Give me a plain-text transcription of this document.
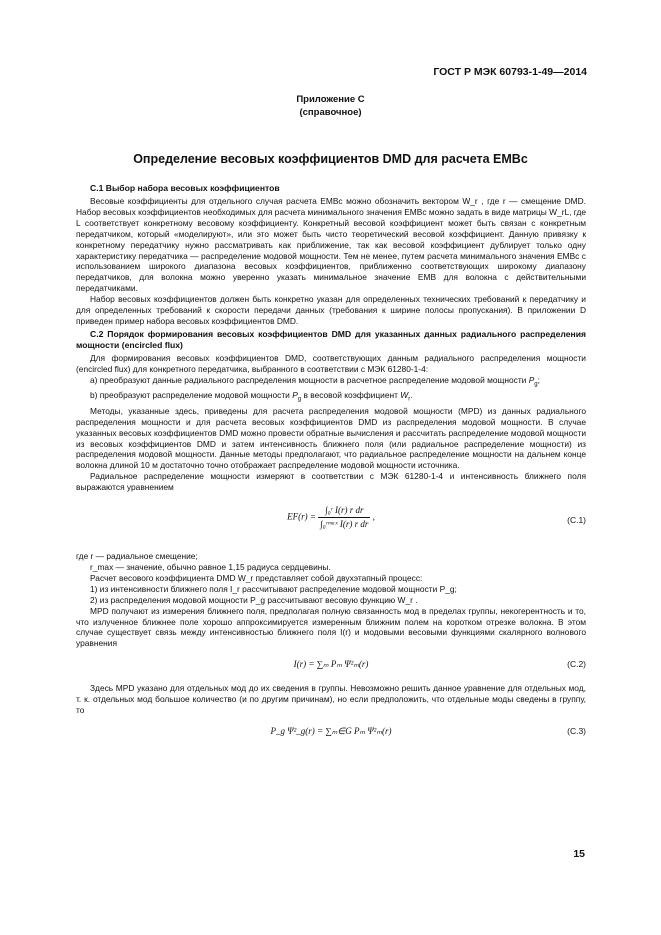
ГОСТ Р МЭК 60793-1-49—2014
Приложение С
(справочное)
Определение весовых коэффициентов DMD для расчета ЕМВс
С.1 Выбор набора весовых коэффициентов

Весовые коэффициенты для отдельного случая расчета ЕМВс можно обозначить вектором W_r , где r — смещение DMD. Набор весовых коэффициентов необходимых для расчета минимального значения ЕМВс можно задать в виде матрицы W_rL, где L соответствует конкретному весовому коэффициенту. Конкретный весовой коэффициент может быть связан с конкретным передатчиком, который «моделируют», или это может быть чисто теоретический весовой коэффициент. Данную привязку к конкретному передатчику нужно рассматривать как приближение, так как весовой коэффициент дублирует только одну характеристику передатчика — распределение модовой мощности. Тем не менее, путем расчета минимального значения ЕМВс с использованием широкого диапазона весовых коэффициентов, приближенно соответствующих широкому диапазону передатчиков, для волокна можно уверенно указать минимальное значение ЕМВ для волокна с действительными передатчиками.

Набор весовых коэффициентов должен быть конкретно указан для определенных технических требований к передатчику и для определенных требований к скорости передачи данных (требования к ширине полосы пропускания). В приложении D приведен пример набора весовых коэффициентов DMD.

С.2 Порядок формирования весовых коэффициентов DMD для указанных данных радиального распределения мощности (encircled flux)

Для формирования весовых коэффициентов DMD, соответствующих данным радиального распределения мощности (encircled flux) для конкретного передатчика, выбранного в соответствии с МЭК 61280-1-4:

a) преобразуют данные радиального распределения мощности в расчетное распределение модовой мощности $P_g$;

b) преобразуют распределение модовой мощности $P_g$ в весовой коэффициент $W_r$.

Методы, указанные здесь, приведены для расчета распределения модовой мощности (MPD) из данных радиального распределения мощности и для расчета весовых коэффициентов DMD из распределения модовой мощности. В случае указанных весовых коэффициентов DMD можно провести обратные вычисления и рассчитать распределение модовой мощности из весовых коэффициентов DMD и затем интенсивность ближнего поля (или радиальное распределение мощности) из распределения модовой мощности. Данные методы предполагают, что радиальное распределение мощности на дальнем конце волокна длиной 10 м достаточно точно отображает распределение модовой мощности источника.

Радиальное распределение мощности измеряют в соответствии с МЭК 61280-1-4 и интенсивность ближнего поля выражаются уравнением

$EF(r) = \frac{\text{∫₀ʳ I(r) r dr}}{\text{∫₀ʳᵐᵃˣ I(r) r dr}}$ ,	(С.1)

где r — радиальное смещение;

r_max — значение, обычно равное 1,15 радиуса сердцевины.

Расчет весового коэффициента DMD W_r представляет собой двухэтапный процесс:

1) из интенсивности ближнего поля I_r рассчитывают распределение модовой мощности P_g;

2) из распределения модовой мощности P_g рассчитывают весовую функцию W_r .

MPD получают из измерения ближнего поля, предполагая полную связанность мод в пределах группы, некогерентность и то, что излученное ближнее поле хорошо аппроксимируется измеренным ближним полем на коротком отрезке волокна. В этом случае существует связь между интенсивностью ближнего поля I(r) и модовыми весовыми функциями скалярного волнового уравнения

I(r) = ∑ₘ Pₘ Ψ²ₘ(r)	(С.2)

Здесь MPD указано для отдельных мод до их сведения в группы. Невозможно решить данное уравнение для отдельных мод, т. к. отдельных мод большое количество (и по другим причинам), но если предположить, что отдельные моды сведены в группу, то

P_g Ψ²_g(r) = ∑ₘ∈G Pₘ Ψ²ₘ(r)	(С.3)
15
